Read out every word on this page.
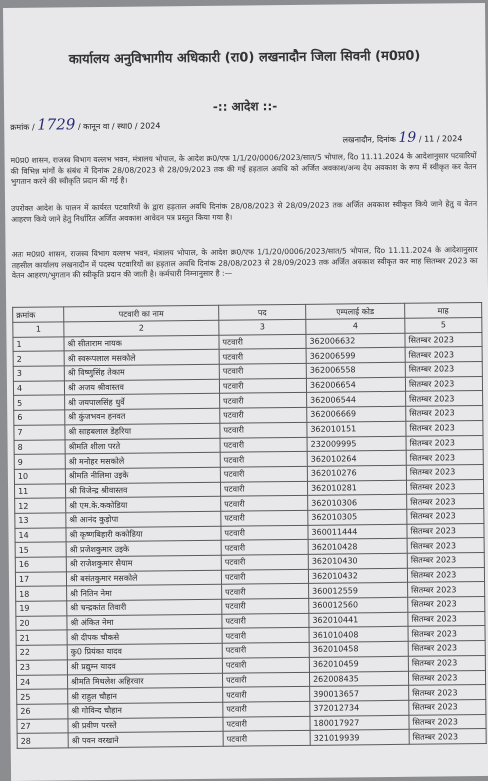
कार्यालय अनुविभागीय अधिकारी (रा0) लखनादौन जिला सिवनी (म0प्र0)
-:: आदेश ::-
क्रमांक / 1729 / कानून वा / स्था0 / 2024
लखनादौन, दिनांक 19 / 11 / 2024
म0प्र0 शासन, राजस्व विभाग वल्लभ भवन, मंत्रालय भोपाल, के आदेश क्र0/एफ 1/1/20/0006/2023/सात/5 भोपाल, दिo 11.11.2024 के आदेशानुसार पटवारियों की विभिन्न मांगों के संबंध में दिनांक 28/08/2023 से 28/09/2023 तक की गई हड़ताल अवधि को अर्जित अवकाश/अन्य देय अवकाश के रूप में स्वीकृत कर वेतन भुगतान करने की स्वीकृति प्रदान की गई है।
उपरोक्त आदेश के पालन में कार्यरत पटवारियों के द्वारा हड़ताल अवधि दिनांक 28/08/2023 से 28/09/2023 तक अर्जित अवकाश स्वीकृत किये जाने हेतु व वेतन आहरण किये जाने हेतु निर्धारित अर्जित अवकाश आवेदन पत्र प्रस्तुत किया गया है।
अतः म0प्र0 शासन, राजस्व विभाग वल्लभ भवन, मंत्रालय भोपाल, के आदेश क्र0/एफ 1/1/20/0006/2023/सात/5 भोपाल, दिo 11.11.2024 के आदेशानुसार तहसील कार्यालय लखनादौन में पदस्थ पटवारियों का हड़ताल अवधि दिनांक 28/08/2023 से 28/09/2023 तक अर्जित अवकाश स्वीकृत कर माह सितम्बर 2023 का वेतन आहरण/भुगतान की स्वीकृति प्रदान की जाती है। कर्मचारी निम्नानुसार है :—
क्रमांक	पटवारी का नाम	पद	एम्पलाई कोड	माह
1	2	3	4	5
1	श्री सीताराम नायक	पटवारी	362006632	सितम्बर 2023
2	श्री स्वरूपलाल मसकोले	पटवारी	362006599	सितम्बर 2023
3	श्री विष्णुसिंह तेकाम	पटवारी	362006558	सितम्बर 2023
4	श्री अजय श्रीवास्तव	पटवारी	362006654	सितम्बर 2023
5	श्री जयपालसिंह धुर्वे	पटवारी	362006544	सितम्बर 2023
6	श्री कुंजभवन हनवत	पटवारी	362006669	सितम्बर 2023
7	श्री साहबलाल डेहरिया	पटवारी	362010151	सितम्बर 2023
8	श्रीमति शीला परते	पटवारी	232009995	सितम्बर 2023
9	श्री मनोहर मसकोले	पटवारी	362010264	सितम्बर 2023
10	श्रीमति नीलिमा उइके	पटवारी	362010276	सितम्बर 2023
11	श्री विजेन्द्र श्रीवास्तव	पटवारी	362010281	सितम्बर 2023
12	श्री एम.के.ककोडिया	पटवारी	362010306	सितम्बर 2023
13	श्री आनंद कुड़ोपा	पटवारी	362010305	सितम्बर 2023
14	श्री कृष्णबिहारी ककोडिया	पटवारी	360011444	सितम्बर 2023
15	श्री प्रजेशकुमार उइके	पटवारी	362010428	सितम्बर 2023
16	श्री राजेशकुमार सैयाम	पटवारी	362010430	सितम्बर 2023
17	श्री बसंतकुमार मसकोले	पटवारी	362010432	सितम्बर 2023
18	श्री नितिन नेमा	पटवारी	360012559	सितम्बर 2023
19	श्री चन्द्रकांत तिवारी	पटवारी	360012560	सितम्बर 2023
20	श्री अंकित नेमा	पटवारी	362010441	सितम्बर 2023
21	श्री दीपक चौकसे	पटवारी	361010408	सितम्बर 2023
22	कु0 प्रियंका यादव	पटवारी	362010458	सितम्बर 2023
23	श्री प्रद्युम्न यादव	पटवारी	362010459	सितम्बर 2023
24	श्रीमति मिथलेश अहिरवार	पटवारी	262008435	सितम्बर 2023
25	श्री राहुल चौहान	पटवारी	390013657	सितम्बर 2023
26	श्री गोविन्द चौहान	पटवारी	372012734	सितम्बर 2023
27	श्री प्रवीण परस्ते	पटवारी	180017927	सितम्बर 2023
28	श्री पवन वरखाने	पटवारी	321019939	सितम्बर 2023
